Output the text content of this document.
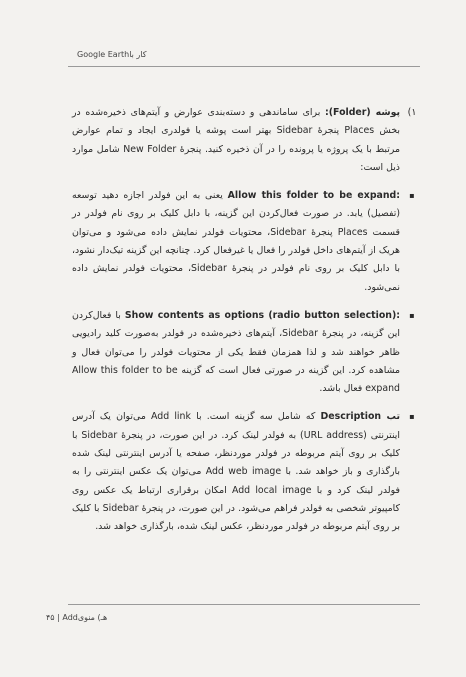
Google Earthکار با
۱)
پوشه (Folder): برای ساماندهی و دسته‌بندی عوارض و آیتم‌های ذخیره‌شده در بخش Places پنجرهٔ Sidebar بهتر است پوشه یا فولدری ایجاد و تمام عوارض مرتبط با یک پروژه یا پرونده را در آن ذخیره کنید. پنجرهٔ New Folder شامل موارد ذیل است:
▪
Allow this folder to be expand: یعنی به این فولدر اجازه دهید توسعه (تفصیل) یابد. در صورت فعال‌کردن این گزینه، با دابل کلیک بر روی نام فولدر در قسمت Places پنجرهٔ Sidebar، محتویات فولدر نمایش داده می‌شود و می‌توان هریک از آیتم‌های داخل فولدر را فعال یا غیرفعال کرد. چنانچه این گزینه تیک‌دار نشود، با دابل کلیک بر روی نام فولدر در پنجرهٔ Sidebar، محتویات فولدر نمایش داده نمی‌شود.
▪
Show contents as options (radio button selection): با فعال‌کردن این گزینه، در پنجرهٔ Sidebar، آیتم‌های ذخیره‌شده در فولدر به‌صورت کلید رادیویی ظاهر خواهند شد و لذا همزمان فقط یکی از محتویات فولدر را می‌توان فعال و مشاهده کرد. این گزینه در صورتی فعال است که گزینه Allow this folder to be expand فعال باشد.
▪
تب Description که شامل سه گزینه است. با Add link می‌توان یک آدرس اینترنتی (URL address) به فولدر لینک کرد. در این صورت، در پنجرهٔ Sidebar با کلیک بر روی آیتم مربوطه در فولدر موردنظر، صفحه یا آدرس اینترنتی لینک شده بارگذاری و باز خواهد شد. با Add web image می‌توان یک عکس اینترنتی را به فولدر لینک کرد و با Add local image امکان برقراری ارتباط یک عکس روی کامپیوتر شخصی به فولدر فراهم می‌شود. در این صورت، در پنجرهٔ Sidebar با کلیک بر روی آیتم مربوطه در فولدر موردنظر، عکس لینک شده، بارگذاری خواهد شد.
۴۵ | Addهـ) منوی
